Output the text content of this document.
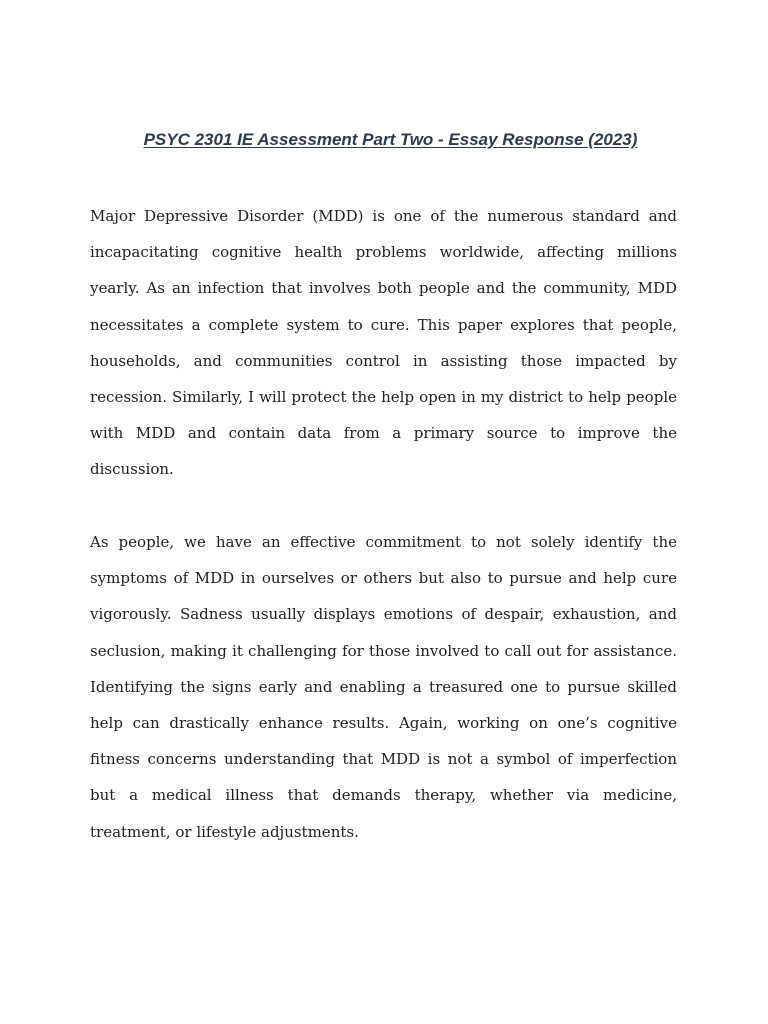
PSYC 2301 IE Assessment Part Two - Essay Response (2023)

Major Depressive Disorder (MDD) is one of the numerous standard and incapacitating cognitive health problems worldwide, affecting millions yearly. As an infection that involves both people and the community, MDD necessitates a complete system to cure. This paper explores that people, households, and communities control in assisting those impacted by recession. Similarly, I will protect the help open in my district to help people with MDD and contain data from a primary source to improve the discussion.

As people, we have an effective commitment to not solely identify the symptoms of MDD in ourselves or others but also to pursue and help cure vigorously. Sadness usually displays emotions of despair, exhaustion, and seclusion, making it challenging for those involved to call out for assistance. Identifying the signs early and enabling a treasured one to pursue skilled help can drastically enhance results. Again, working on one’s cognitive fitness concerns understanding that MDD is not a symbol of imperfection but a medical illness that demands therapy, whether via medicine, treatment, or lifestyle adjustments.
